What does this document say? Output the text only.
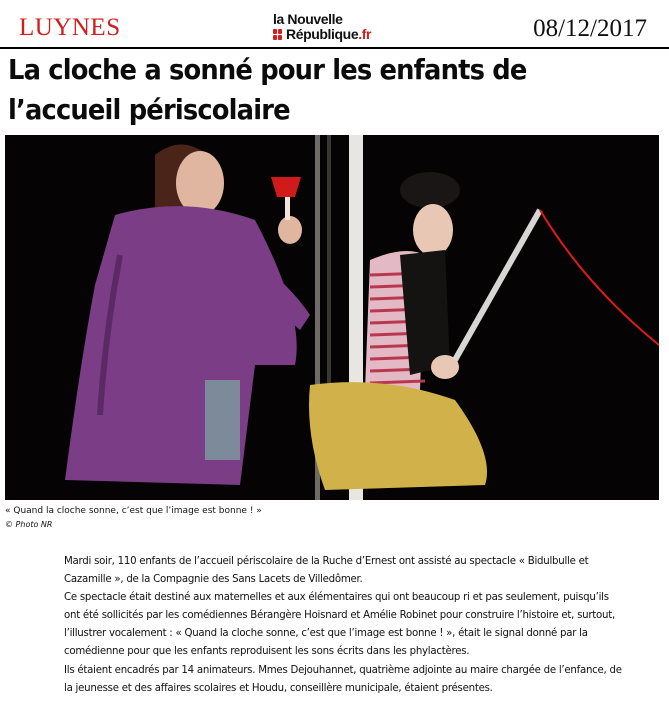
LUYNES	la Nouvelle
République.fr	08/12/2017
La cloche a sonné pour les enfants de l’accueil périscolaire
« Quand la cloche sonne, c’est que l’image est bonne ! »
© Photo NR

Mardi soir, 110 enfants de l’accueil périscolaire de la Ruche d’Ernest ont assisté au spectacle « Bidulbulle et Cazamille », de la Compagnie des Sans Lacets de Villedômer.

Ce spectacle était destiné aux maternelles et aux élémentaires qui ont beaucoup ri et pas seulement, puisqu’ils ont été sollicités par les comédiennes Bérangère Hoisnard et Amélie Robinet pour construire l’histoire et, surtout, l’illustrer vocalement : « Quand la cloche sonne, c’est que l’image est bonne ! », était le signal donné par la comédienne pour que les enfants reproduisent les sons écrits dans les phylactères.

Ils étaient encadrés par 14 animateurs. Mmes Dejouhannet, quatrième adjointe au maire chargée de l’enfance, de la jeunesse et des affaires scolaires et Houdu, conseillère municipale, étaient présentes.
